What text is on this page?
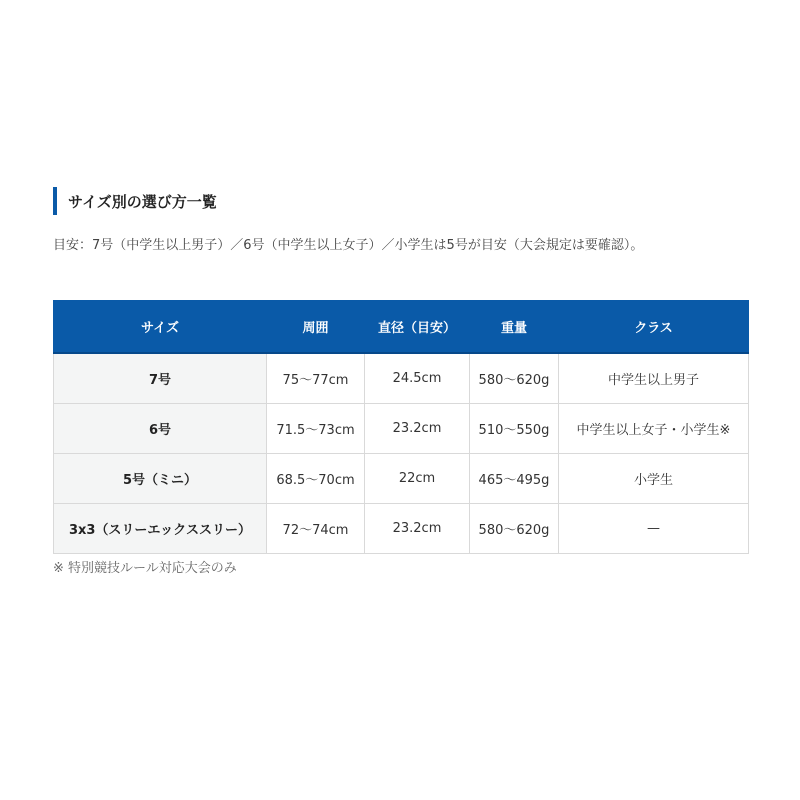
サイズ別の選び方一覧
目安：7号（中学生以上男子）／6号（中学生以上女子）／小学生は5号が目安（大会規定は要確認）。
サイズ	周囲	直径（目安）	重量	クラス
7号	75〜77cm	24.5cm	580〜620g	中学生以上男子
6号	71.5〜73cm	23.2cm	510〜550g	中学生以上女子・小学生※
5号（ミニ）	68.5〜70cm	22cm	465〜495g	小学生
3x3（スリーエックススリー）	72〜74cm	23.2cm	580〜620g	—
※ 特別競技ルール対応大会のみ
